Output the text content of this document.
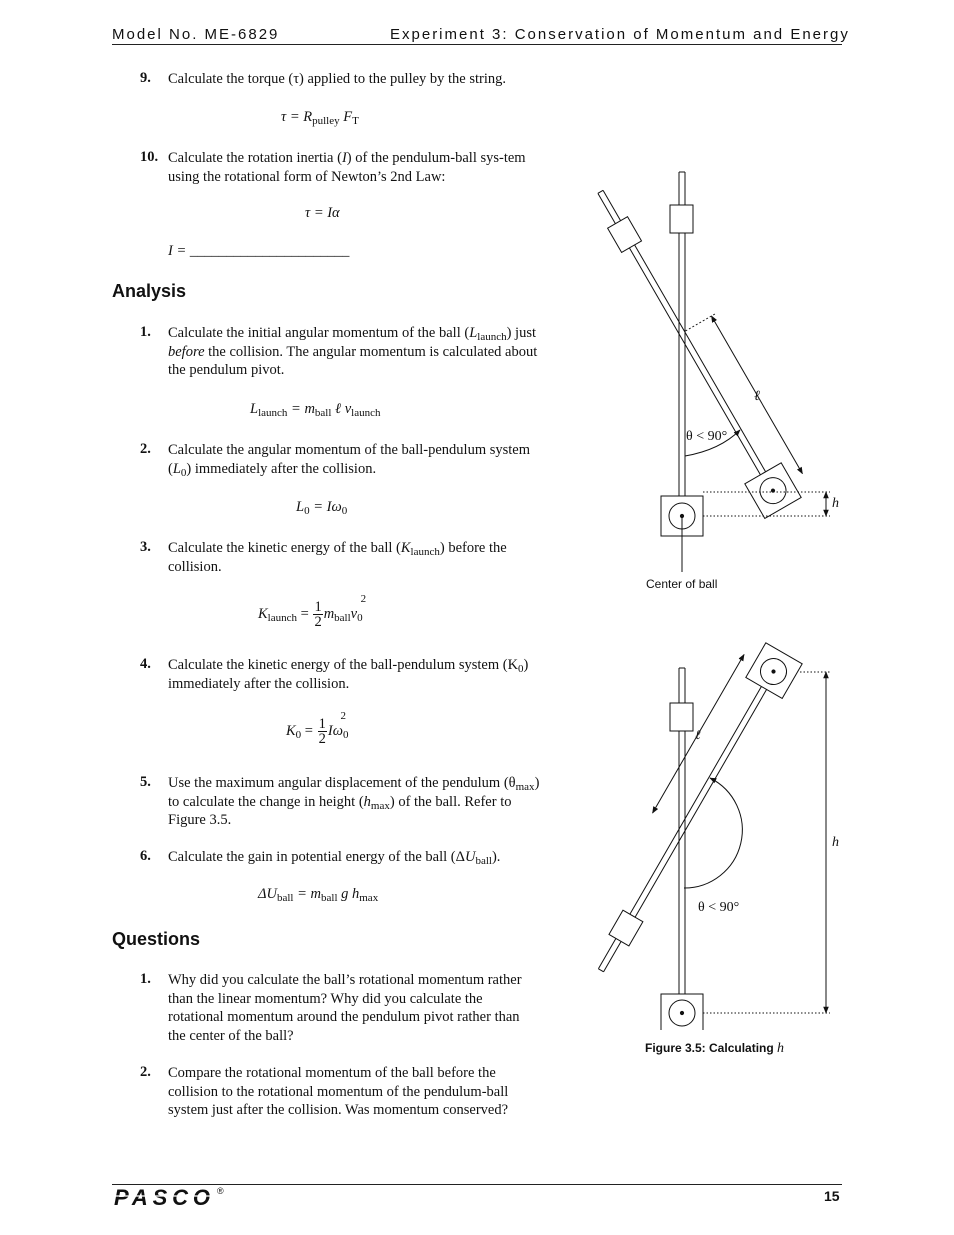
Model No. ME-6829	Experiment 3: Conservation of Momentum and Energy
9. Calculate the torque (τ) applied to the pulley by the string.
$\tau = R_{pulley}$ $F_T$
10. Calculate the rotation inertia (I) of the pendulum-ball sys-tem using the rotational form of Newton’s 2nd Law:
τ = Iα
I = ______________________
Analysis
1. Calculate the initial angular momentum of the ball $(L_{launch})$ just before the collision. The angular momentum is calculated about the pendulum pivot.
$L_{launch} = m_{ball}$ ℓ $v_{launch}$
2. Calculate the angular momentum of the ball-pendulum system $(L_0)$ immediately after the collision.
$L_0 = I\omega_0$
3. Calculate the kinetic energy of the ball $(K_{launch})$ before the collision.
$K_{launch} = \frac{1}{2} m_{ball}v_0^2$
4. Calculate the kinetic energy of the ball-pendulum system $(K_0)$ immediately after the collision.
$K_0 = \frac{1}{2} I\omega_0^2$
5. Use the maximum angular displacement of the pendulum $(\theta_{max})$ to calculate the change in height $(h_{max})$ of the ball. Refer to Figure 3.5.
6. Calculate the gain in potential energy of the ball $(\Delta U_{ball})$.
$\Delta U_{ball} = m_{ball}$ g $h_{max}$
Questions
1. Why did you calculate the ball’s rotational momentum rather than the linear momentum? Why did you calculate the rotational momentum around the pendulum pivot rather than the center of the ball?
2. Compare the rotational momentum of the ball before the collision to the rotational momentum of the pendulum-ball system just after the collision. Was momentum conserved?
θ < 90°
ℓ
h
θ < 90°
ℓ
h
Center of ball
Figure 3.5: Calculating h
PASCO ®	15
